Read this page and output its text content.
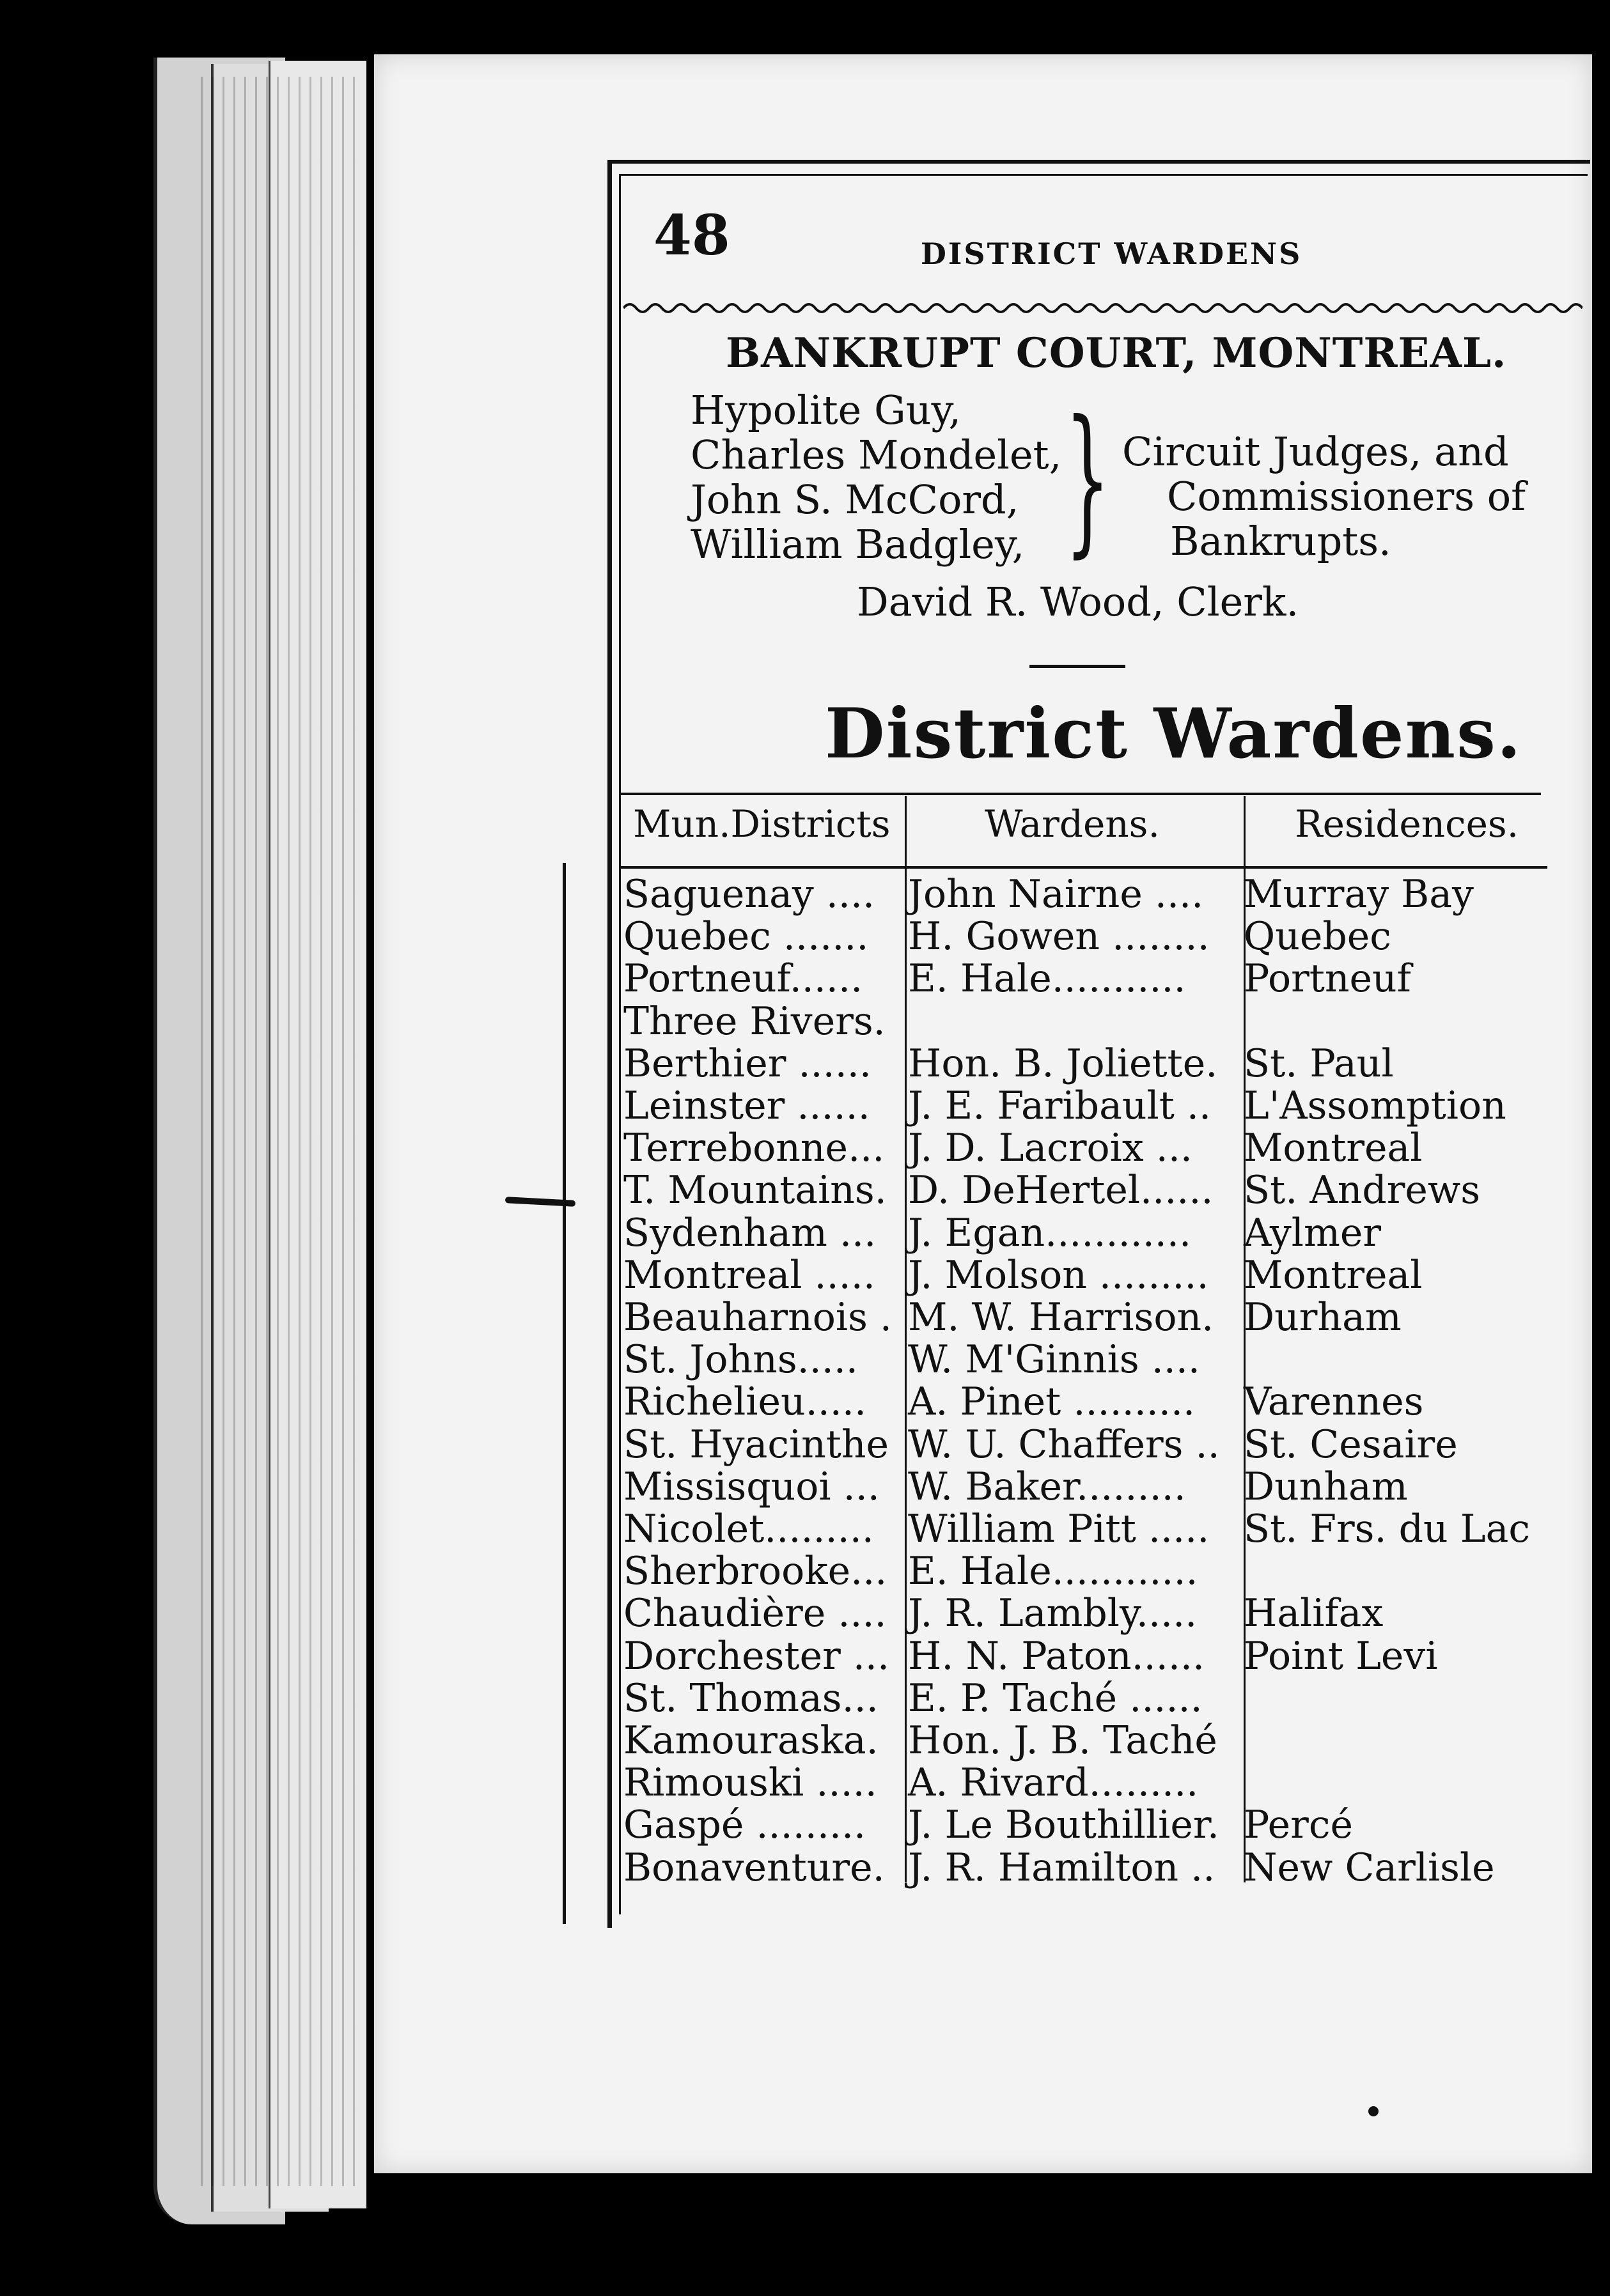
48	DISTRICT WARDENS
BANKRUPT COURT, MONTREAL.
Hypolite Guy,
Charles Mondelet,
John S. McCord,
William Badgley, } Circuit Judges, and
Commissioners of
Bankrupts.
David R. Wood, Clerk.
District Wardens.
Mun.Districts	Wardens.	Residences.
Saguenay .... John Nairne .... Murray Bay
Quebec ....... H. Gowen ........ Quebec
Portneuf...... E. Hale........... Portneuf
Three Rivers.
Berthier ...... Hon. B. Joliette. St. Paul
Leinster ...... J. E. Faribault .. L'Assomption
Terrebonne... J. D. Lacroix ... Montreal
T. Mountains. D. DeHertel...... St. Andrews
Sydenham ... J. Egan............ Aylmer
Montreal ..... J. Molson ......... Montreal
Beauharnois . M. W. Harrison. Durham
St. Johns..... W. M'Ginnis ....
Richelieu..... A. Pinet .......... Varennes
St. Hyacinthe W. U. Chaffers .. St. Cesaire
Missisquoi ... W. Baker......... Dunham
Nicolet......... William Pitt ..... St. Frs. du Lac
Sherbrooke... E. Hale............
Chaudière .... J. R. Lambly..... Halifax
Dorchester ... H. N. Paton...... Point Levi
St. Thomas... E. P. Taché ......
Kamouraska. Hon. J. B. Taché
Rimouski ..... A. Rivard.........
Gaspé ......... J. Le Bouthillier. Percé
Bonaventure. J. R. Hamilton .. New Carlisle
